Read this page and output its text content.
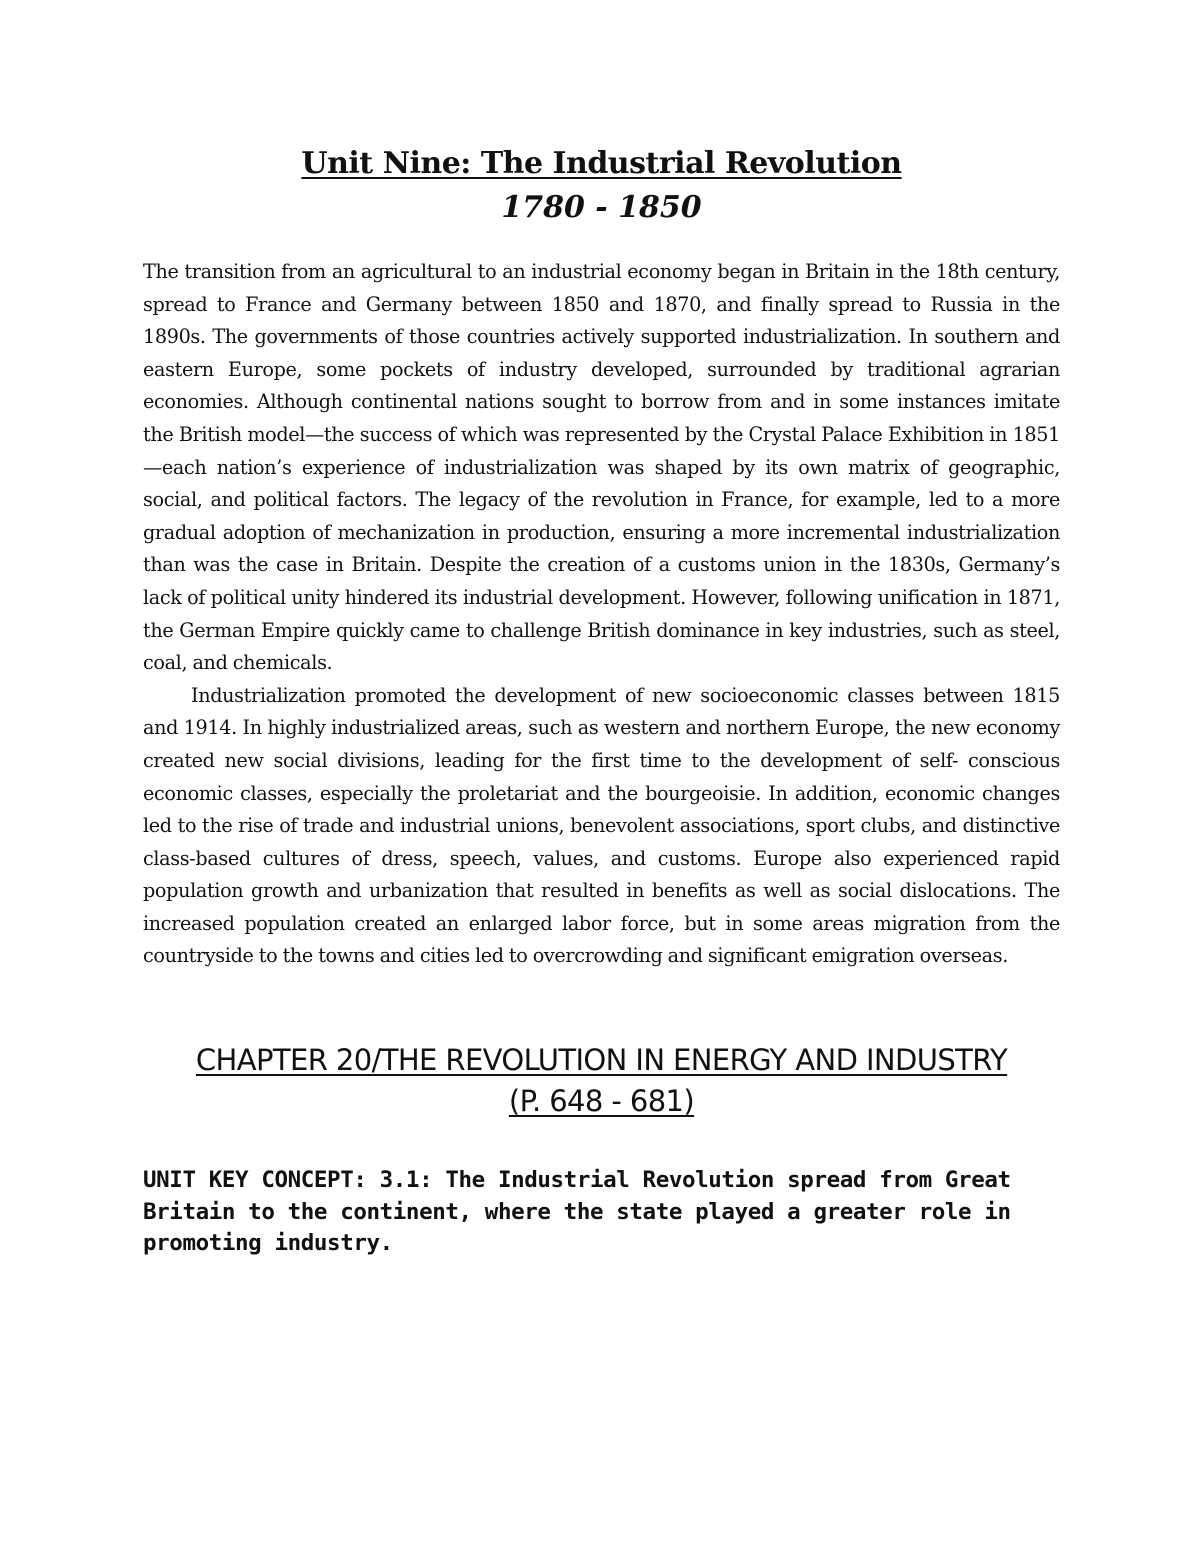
Unit Nine: The Industrial Revolution
1780 - 1850

The transition from an agricultural to an industrial economy began in Britain in the 18th century, spread to France and Germany between 1850 and 1870, and finally spread to Russia in the 1890s. The governments of those countries actively supported industrialization. In southern and eastern Europe, some pockets of industry developed, surrounded by traditional agrarian economies. Although continental nations sought to borrow from and in some instances imitate the British model—the success of which was represented by the Crystal Palace Exhibition in 1851—each nation’s experience of industrialization was shaped by its own matrix of geographic, social, and political factors. The legacy of the revolution in France, for example, led to a more gradual adoption of mechanization in production, ensuring a more incremental industrialization than was the case in Britain. Despite the creation of a customs union in the 1830s, Germany’s lack of political unity hindered its industrial development. However, following unification in 1871, the German Empire quickly came to challenge British dominance in key industries, such as steel, coal, and chemicals.

Industrialization promoted the development of new socioeconomic classes between 1815 and 1914. In highly industrialized areas, such as western and northern Europe, the new economy created new social divisions, leading for the first time to the development of self- conscious economic classes, especially the proletariat and the bourgeoisie. In addition, economic changes led to the rise of trade and industrial unions, benevolent associations, sport clubs, and distinctive class-based cultures of dress, speech, values, and customs. Europe also experienced rapid population growth and urbanization that resulted in benefits as well as social dislocations. The increased population created an enlarged labor force, but in some areas migration from the countryside to the towns and cities led to overcrowding and significant emigration overseas.

CHAPTER 20/THE REVOLUTION IN ENERGY AND INDUSTRY
(P. 648 - 681)

UNIT KEY CONCEPT: 3.1: The Industrial Revolution spread from Great Britain to the continent, where the state played a greater role in promoting industry.
